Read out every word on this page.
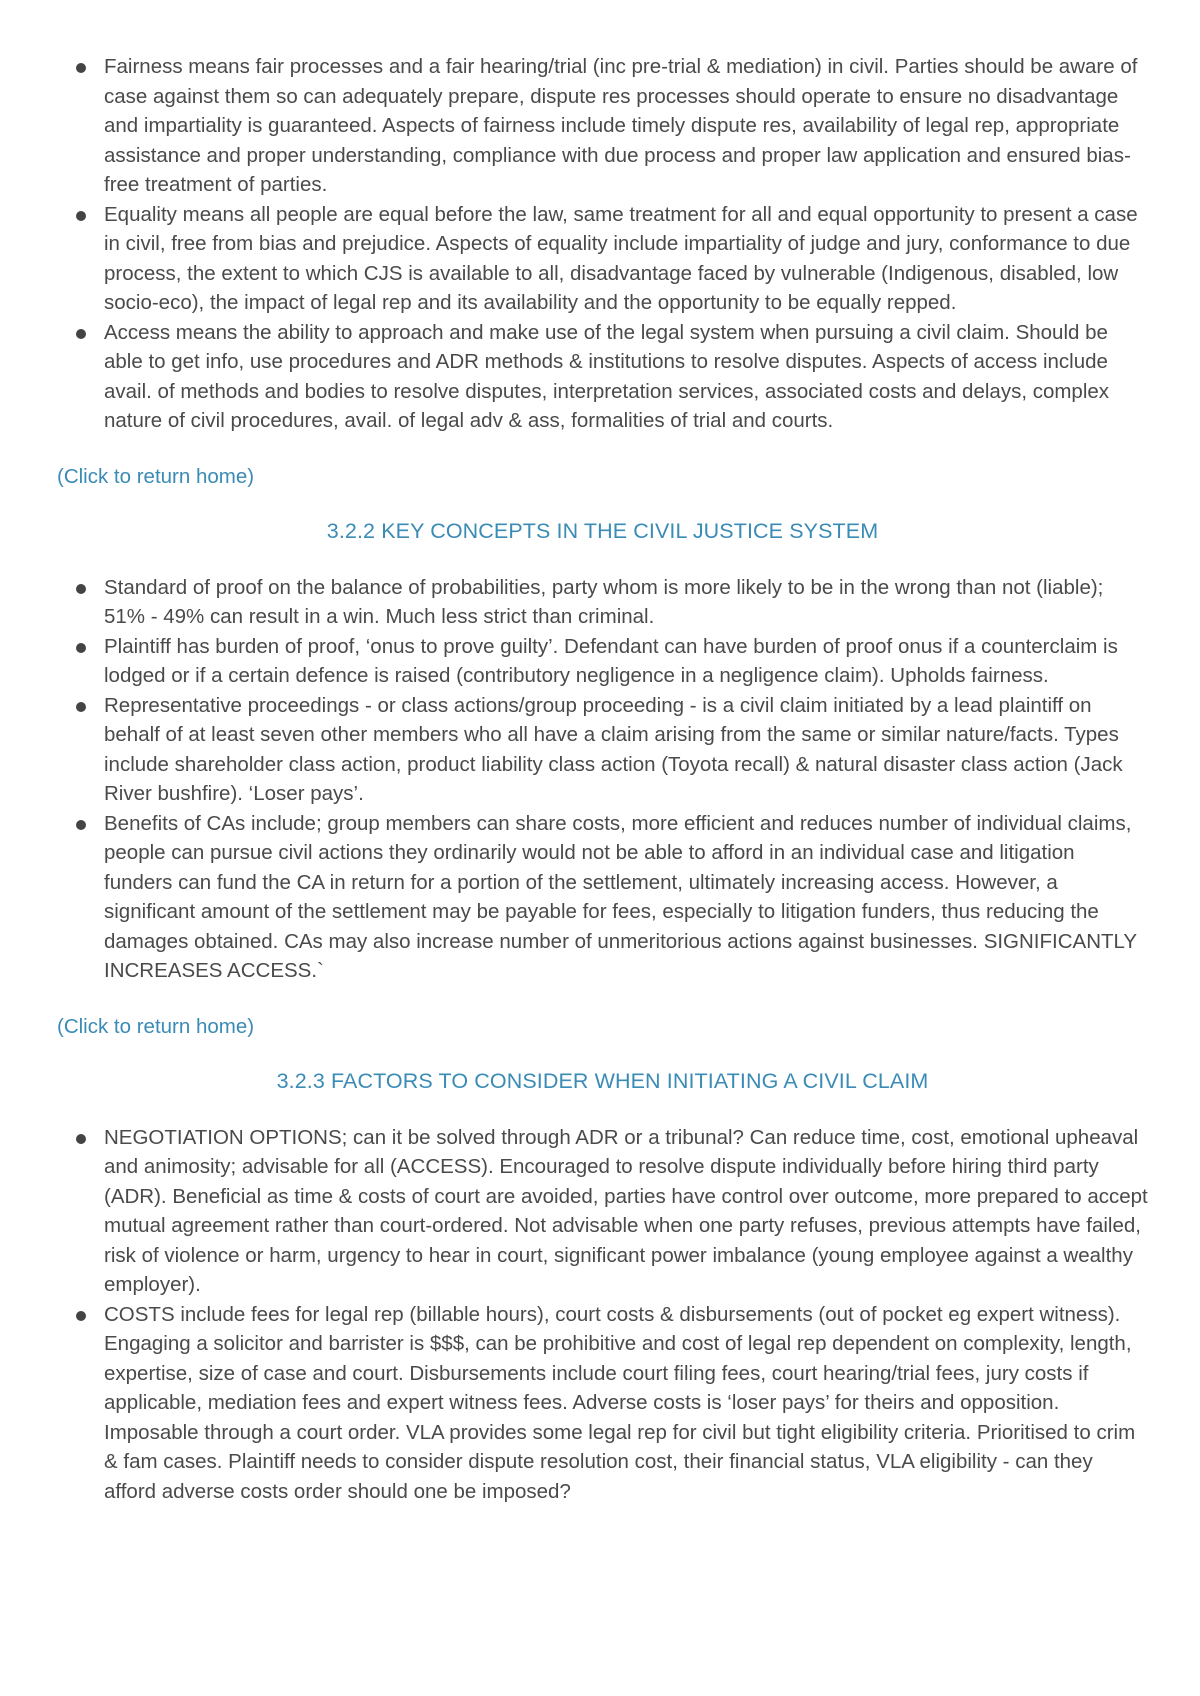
Fairness means fair processes and a fair hearing/trial (inc pre-trial & mediation) in civil. Parties should be aware of case against them so can adequately prepare, dispute res processes should operate to ensure no disadvantage and impartiality is guaranteed. Aspects of fairness include timely dispute res, availability of legal rep, appropriate assistance and proper understanding, compliance with due process and proper law application and ensured bias-free treatment of parties.
Equality means all people are equal before the law, same treatment for all and equal opportunity to present a case in civil, free from bias and prejudice. Aspects of equality include impartiality of judge and jury, conformance to due process, the extent to which CJS is available to all, disadvantage faced by vulnerable (Indigenous, disabled, low socio-eco), the impact of legal rep and its availability and the opportunity to be equally repped.
Access means the ability to approach and make use of the legal system when pursuing a civil claim. Should be able to get info, use procedures and ADR methods & institutions to resolve disputes. Aspects of access include avail. of methods and bodies to resolve disputes, interpretation services, associated costs and delays, complex nature of civil procedures, avail. of legal adv & ass, formalities of trial and courts.
(Click to return home)
3.2.2 KEY CONCEPTS IN THE CIVIL JUSTICE SYSTEM
Standard of proof on the balance of probabilities, party whom is more likely to be in the wrong than not (liable); 51% - 49% can result in a win. Much less strict than criminal.
Plaintiff has burden of proof, ‘onus to prove guilty’. Defendant can have burden of proof onus if a counterclaim is lodged or if a certain defence is raised (contributory negligence in a negligence claim). Upholds fairness.
Representative proceedings - or class actions/group proceeding - is a civil claim initiated by a lead plaintiff on behalf of at least seven other members who all have a claim arising from the same or similar nature/facts. Types include shareholder class action, product liability class action (Toyota recall) & natural disaster class action (Jack River bushfire). ‘Loser pays’.
Benefits of CAs include; group members can share costs, more efficient and reduces number of individual claims, people can pursue civil actions they ordinarily would not be able to afford in an individual case and litigation funders can fund the CA in return for a portion of the settlement, ultimately increasing access. However, a significant amount of the settlement may be payable for fees, especially to litigation funders, thus reducing the damages obtained. CAs may also increase number of unmeritorious actions against businesses. SIGNIFICANTLY INCREASES ACCESS.`
(Click to return home)
3.2.3 FACTORS TO CONSIDER WHEN INITIATING A CIVIL CLAIM
NEGOTIATION OPTIONS; can it be solved through ADR or a tribunal? Can reduce time, cost, emotional upheaval and animosity; advisable for all (ACCESS). Encouraged to resolve dispute individually before hiring third party (ADR). Beneficial as time & costs of court are avoided, parties have control over outcome, more prepared to accept mutual agreement rather than court-ordered. Not advisable when one party refuses, previous attempts have failed, risk of violence or harm, urgency to hear in court, significant power imbalance (young employee against a wealthy employer).
COSTS include fees for legal rep (billable hours), court costs & disbursements (out of pocket eg expert witness). Engaging a solicitor and barrister is $$$, can be prohibitive and cost of legal rep dependent on complexity, length, expertise, size of case and court. Disbursements include court filing fees, court hearing/trial fees, jury costs if applicable, mediation fees and expert witness fees. Adverse costs is ‘loser pays’ for theirs and opposition. Imposable through a court order. VLA provides some legal rep for civil but tight eligibility criteria. Prioritised to crim & fam cases. Plaintiff needs to consider dispute resolution cost, their financial status, VLA eligibility - can they afford adverse costs order should one be imposed?
